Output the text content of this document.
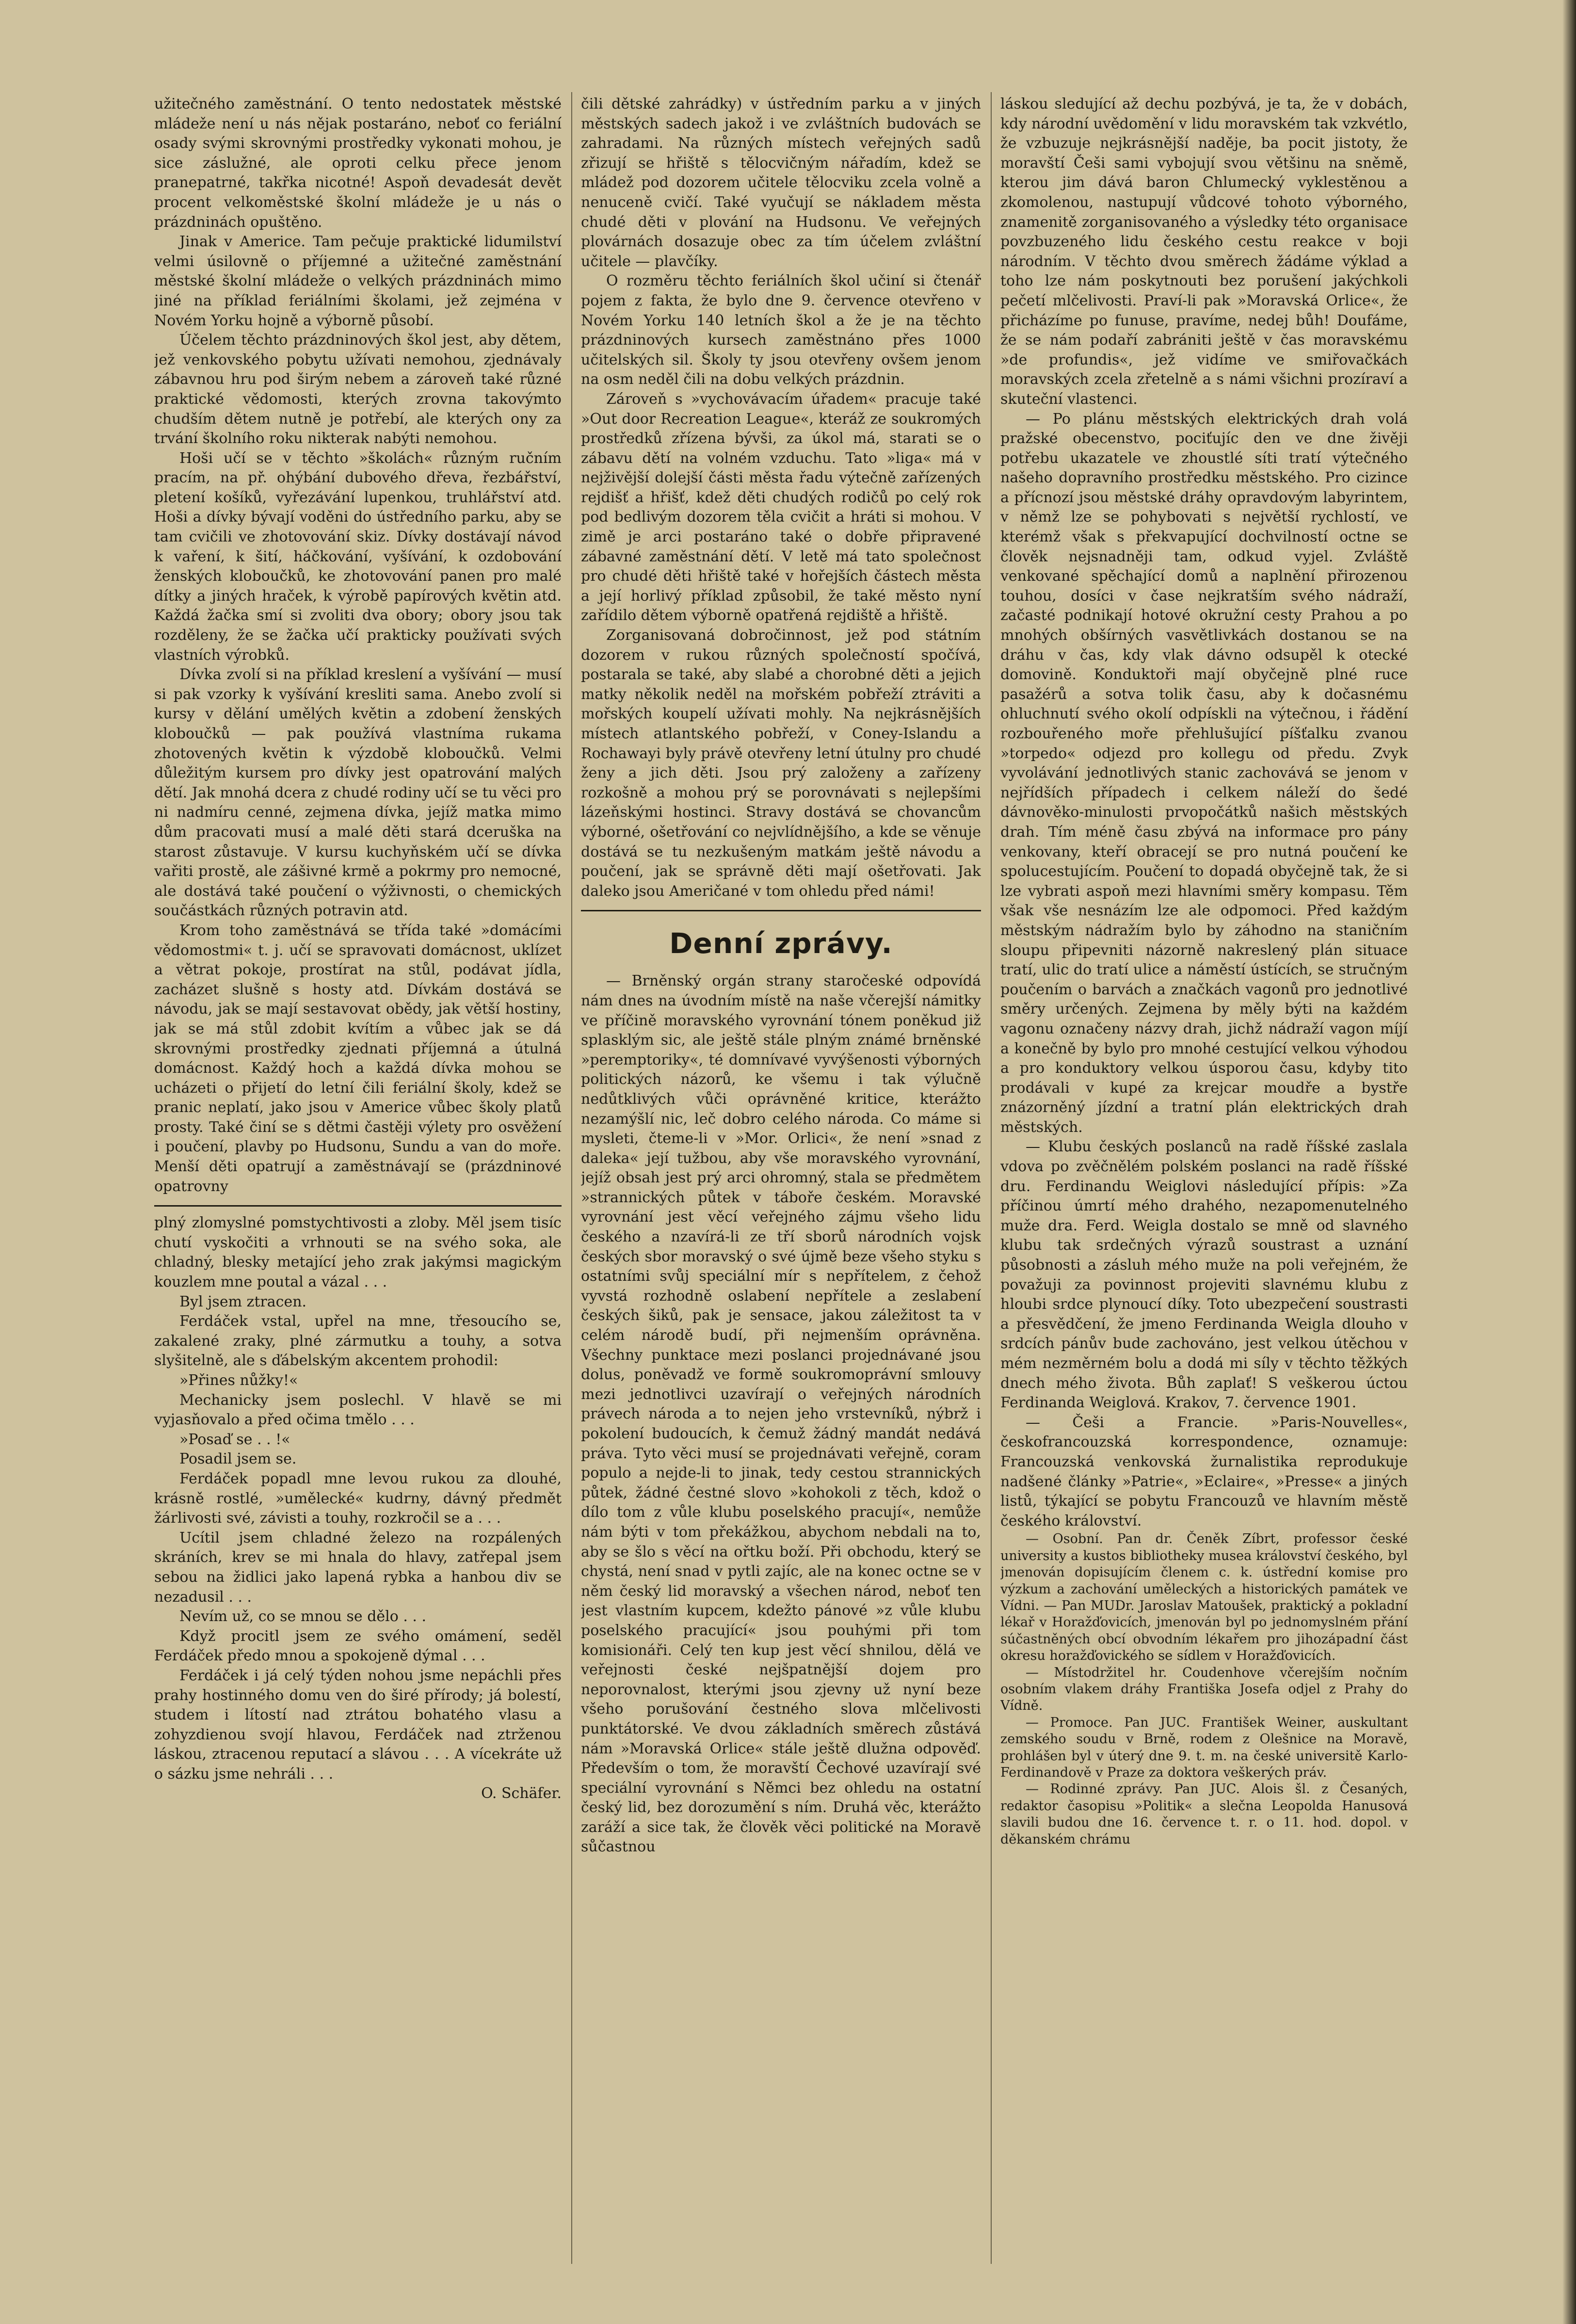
užitečného zaměstnání. O tento nedostatek městské mládeže není u nás nějak postaráno, neboť co feriální osady svými skrovnými prostředky vykonati mohou, je sice záslužné, ale oproti celku přece jenom pranepatrné, takřka nicotné! Aspoň devadesát devět procent velkoměstské školní mládeže je u nás o prázdninách opuštěno.

Jinak v Americe. Tam pečuje praktické lidumilství velmi úsilovně o příjemné a užitečné zaměstnání městské školní mládeže o velkých prázdninách mimo jiné na příklad feriálními školami, jež zejména v Novém Yorku hojně a výborně působí.

Účelem těchto prázdninových škol jest, aby dětem, jež venkovského pobytu užívati nemohou, zjednávaly zábavnou hru pod širým nebem a zároveň také různé praktické vědomosti, kterých zrovna takovýmto chudším dětem nutně je potřebí, ale kterých ony za trvání školního roku nikterak nabýti nemohou.

Hoši učí se v těchto »školách« různým ručním pracím, na př. ohýbání dubového dřeva, řezbářství, pletení košíků, vyřezávání lupenkou, truhlářství atd. Hoši a dívky bývají voděni do ústředního parku, aby se tam cvičili ve zhotovování skiz. Dívky dostávají návod k vaření, k šití, háčkování, vyšívání, k ozdobování ženských kloboučků, ke zhotovování panen pro malé dítky a jiných hraček, k výrobě papírových květin atd. Každá žačka smí si zvoliti dva obory; obory jsou tak rozděleny, že se žačka učí prakticky používati svých vlastních výrobků.

Dívka zvolí si na příklad kreslení a vyšívání — musí si pak vzorky k vyšívání kresliti sama. Anebo zvolí si kursy v dělání umělých květin a zdobení ženských kloboučků — pak používá vlastníma rukama zhotovených květin k výzdobě kloboučků. Velmi důležitým kursem pro dívky jest opatrování malých dětí. Jak mnohá dcera z chudé rodiny učí se tu věci pro ni nadmíru cenné, zejmena dívka, jejíž matka mimo dům pracovati musí a malé děti stará dceruška na starost zůstavuje. V kursu kuchyňském učí se dívka vařiti prostě, ale zášivné krmě a pokrmy pro nemocné, ale dostává také poučení o výživnosti, o chemických součástkách různých potravin atd.

Krom toho zaměstnává se třída také »domácími vědomostmi« t. j. učí se spravovati domácnost, uklízet a větrat pokoje, prostírat na stůl, podávat jídla, zacházet slušně s hosty atd. Dívkám dostává se návodu, jak se mají sestavovat obědy, jak větší hostiny, jak se má stůl zdobit kvítím a vůbec jak se dá skrovnými prostředky zjednati příjemná a útulná domácnost. Každý hoch a každá dívka mohou se ucházeti o přijetí do letní čili feriální školy, kdež se pranic neplatí, jako jsou v Americe vůbec školy platů prosty. Také činí se s dětmi častěji výlety pro osvěžení i poučení, plavby po Hudsonu, Sundu a van do moře. Menší děti opatrují a zaměstnávají se (prázdninové opatrovny

plný zlomyslné pomstychtivosti a zloby. Měl jsem tisíc chutí vyskočiti a vrhnouti se na svého soka, ale chladný, blesky metající jeho zrak jakýmsi magickým kouzlem mne poutal a vázal . . .

Byl jsem ztracen.

Ferdáček vstal, upřel na mne, třesoucího se, zakalené zraky, plné zármutku a touhy, a sotva slyšitelně, ale s ďábelským akcentem prohodil:

»Přines nůžky!«

Mechanicky jsem poslechl. V hlavě se mi vyjasňovalo a před očima tmělo . . .

»Posaď se . . !«

Posadil jsem se.

Ferdáček popadl mne levou rukou za dlouhé, krásně rostlé, »umělecké« kudrny, dávný předmět žárlivosti své, závisti a touhy, rozkročil se a . . .

Ucítil jsem chladné železo na rozpálených skráních, krev se mi hnala do hlavy, zatřepal jsem sebou na židlici jako lapená rybka a hanbou div se nezadusil . . .

Nevím už, co se mnou se dělo . . .

Když procitl jsem ze svého omámení, seděl Ferdáček předo mnou a spokojeně dýmal . . .

Ferdáček i já celý týden nohou jsme nepáchli přes prahy hostinného domu ven do širé přírody; já bolestí, studem i lítostí nad ztrátou bohatého vlasu a zohyzdienou svojí hlavou, Ferdáček nad ztrženou láskou, ztracenou reputací a slávou . . . A vícekráte už o sázku jsme nehráli . . .

O. Schäfer.

čili dětské zahrádky) v ústředním parku a v jiných městských sadech jakož i ve zvláštních budovách se zahradami. Na různých místech veřejných sadů zřizují se hřiště s tělocvičným nářadím, kdež se mládež pod dozorem učitele tělocviku zcela volně a nenuceně cvičí. Také vyučují se nákladem města chudé děti v plování na Hudsonu. Ve veřejných plovárnách dosazuje obec za tím účelem zvláštní učitele — plavčíky.

O rozměru těchto feriálních škol učiní si čtenář pojem z fakta, že bylo dne 9. července otevřeno v Novém Yorku 140 letních škol a že je na těchto prázdninových kursech zaměstnáno přes 1000 učitelských sil. Školy ty jsou otevřeny ovšem jenom na osm neděl čili na dobu velkých prázdnin.

Zároveň s »vychovávacím úřadem« pracuje také »Out door Recreation League«, kteráž ze soukromých prostředků zřízena bývši, za úkol má, starati se o zábavu dětí na volném vzduchu. Tato »liga« má v nejživější dolejší části města řadu výtečně zařízených rejdišť a hřišť, kdež děti chudých rodičů po celý rok pod bedlivým dozorem těla cvičit a hráti si mohou. V zimě je arci postaráno také o dobře připravené zábavné zaměstnání dětí. V letě má tato společnost pro chudé děti hřiště také v hořejších částech města a její horlivý příklad způsobil, že také město nyní zařídilo dětem výborně opatřená rejdiště a hřiště.

Zorganisovaná dobročinnost, jež pod státním dozorem v rukou různých společností spočívá, postarala se také, aby slabé a chorobné děti a jejich matky několik neděl na mořském pobřeží ztráviti a mořských koupelí užívati mohly. Na nejkrásnějších místech atlantského pobřeží, v Coney-Islandu a Rochawayi byly právě otevřeny letní útulny pro chudé ženy a jich děti. Jsou prý založeny a zařízeny rozkošně a mohou prý se porovnávati s nejlepšími lázeňskými hostinci. Stravy dostává se chovancům výborné, ošetřování co nejvlídnějšího, a kde se věnuje dostává se tu nezkušeným matkám ještě návodu a poučení, jak se správně děti mají ošetřovati. Jak daleko jsou Američané v tom ohledu před námi!

Denní zprávy.

— Brněnský orgán strany staročeské odpovídá nám dnes na úvodním místě na naše včerejší námitky ve příčině moravského vyrovnání tónem poněkud již splasklým sic, ale ještě stále plným známé brněnské »peremptoriky«, té domnívavé vyvýšenosti výborných politických názorů, ke všemu i tak výlučně nedůtklivých vůči oprávněné kritice, kterážto nezamýšlí nic, leč dobro celého národa. Co máme si mysleti, čteme-li v »Mor. Orlici«, že není »snad z daleka« její tužbou, aby vše moravského vyrovnání, jejíž obsah jest prý arci ohromný, stala se předmětem »strannických půtek v táboře českém. Moravské vyrovnání jest věcí veřejného zájmu všeho lidu českého a nzavírá-li ze tří sborů národních vojsk českých sbor moravský o své újmě beze všeho styku s ostatními svůj speciální mír s nepřítelem, z čehož vyvstá rozhodně oslabení nepřítele a zeslabení českých šiků, pak je sensace, jakou záležitost ta v celém národě budí, při nejmenším oprávněna. Všechny punktace mezi poslanci projednávané jsou dolus, poněvadž ve formě soukromoprávní smlouvy mezi jednotlivci uzavírají o veřejných národních právech národa a to nejen jeho vrstevníků, nýbrž i pokolení budoucích, k čemuž žádný mandát nedává práva. Tyto věci musí se projednávati veřejně, coram populo a nejde-li to jinak, tedy cestou strannických půtek, žádné čestné slovo »kohokoli z těch, kdož o dílo tom z vůle klubu poselského pracují«, nemůže nám býti v tom překážkou, abychom nebdali na to, aby se šlo s věcí na ořtku boží. Při obchodu, který se chystá, není snad v pytli zajíc, ale na konec octne se v něm český lid moravský a všechen národ, neboť ten jest vlastním kupcem, kdežto pánové »z vůle klubu poselského pracující« jsou pouhými při tom komisionáři. Celý ten kup jest věcí shnilou, dělá ve veřejnosti české nejšpatnější dojem pro neporovnalost, kterými jsou zjevny už nyní beze všeho porušování čestného slova mlčelivosti punktátorské. Ve dvou základních směrech zůstává nám »Moravská Orlice« stále ještě dlužna odpověď. Především o tom, že moravští Čechové uzavírají své speciální vyrovnání s Němci bez ohledu na ostatní český lid, bez dorozumění s ním. Druhá věc, kterážto zaráží a sice tak, že člověk věci politické na Moravě sůčastnou

láskou sledující až dechu pozbývá, je ta, že v dobách, kdy národní uvědomění v lidu moravském tak vzkvétlo, že vzbuzuje nejkrásnější naděje, ba pocit jistoty, že moravští Češi sami vybojují svou většinu na sněmě, kterou jim dává baron Chlumecký vyklestěnou a zkomolenou, nastupují vůdcové tohoto výborného, znamenitě zorganisovaného a výsledky této organisace povzbuzeného lidu českého cestu reakce v boji národním. V těchto dvou směrech žádáme výklad a toho lze nám poskytnouti bez porušení jakýchkoli pečetí mlčelivosti. Praví-li pak »Moravská Orlice«, že přicházíme po funuse, pravíme, nedej bůh! Doufáme, že se nám podaří zabrániti ještě v čas moravskému »de profundis«, jež vidíme ve smiřovačkách moravských zcela zřetelně a s námi všichni prozíraví a skuteční vlastenci.

— Po plánu městských elektrických drah volá pražské obecenstvo, pociťujíc den ve dne živěji potřebu ukazatele ve zhoustlé síti tratí výtečného našeho dopravního prostředku městského. Pro cizince a přícnozí jsou městské dráhy opravdovým labyrintem, v němž lze se pohybovati s největší rychlostí, ve kterémž však s překvapující dochvilností octne se člověk nejsnadněji tam, odkud vyjel. Zvláště venkované spěchající domů a naplnění přirozenou touhou, dosíci v čase nejkratším svého nádraží, začasté podnikají hotové okružní cesty Prahou a po mnohých obšírných vasvětlivkách dostanou se na dráhu v čas, kdy vlak dávno odsupěl k otecké domovině. Konduktoři mají obyčejně plné ruce pasažérů a sotva tolik času, aby k dočasnému ohluchnutí svého okolí odpískli na výtečnou, i řádění rozbouřeného moře přehlušující píšťalku zvanou »torpedo« odjezd pro kollegu od předu. Zvyk vyvolávání jednotlivých stanic zachovává se jenom v nejřídších případech i celkem náleží do šedé dávnověko-minulosti prvopočátků našich městských drah. Tím méně času zbývá na informace pro pány venkovany, kteří obracejí se pro nutná poučení ke spolucestujícím. Poučení to dopadá obyčejně tak, že si lze vybrati aspoň mezi hlavními směry kompasu. Těm však vše nesnázím lze ale odpomoci. Před každým městským nádražím bylo by záhodno na staničním sloupu připevniti názorně nakreslený plán situace tratí, ulic do tratí ulice a náměstí ústících, se stručným poučením o barvách a značkách vagonů pro jednotlivé směry určených. Zejmena by měly býti na každém vagonu označeny názvy drah, jichž nádraží vagon míjí a konečně by bylo pro mnohé cestující velkou výhodou a pro konduktory velkou úsporou času, kdyby tito prodávali v kupé za krejcar moudře a bystře znázorněný jízdní a tratní plán elektrických drah městských.

— Klubu českých poslanců na radě říšské zaslala vdova po zvěčnělém polském poslanci na radě říšské dru. Ferdinandu Weiglovi následující přípis: »Za příčinou úmrtí mého drahého, nezapomenutelného muže dra. Ferd. Weigla dostalo se mně od slavného klubu tak srdečných výrazů soustrast a uznání působnosti a zásluh mého muže na poli veřejném, že považuji za povinnost projeviti slavnému klubu z hloubi srdce plynoucí díky. Toto ubezpečení soustrasti a přesvědčení, že jmeno Ferdinanda Weigla dlouho v srdcích pánův bude zachováno, jest velkou útěchou v mém nezměrném bolu a dodá mi síly v těchto těžkých dnech mého života. Bůh zaplať! S veškerou úctou Ferdinanda Weiglová. Krakov, 7. července 1901.

— Češi a Francie. »Paris-Nouvelles«, českofrancouzská korrespondence, oznamuje: Francouzská venkovská žurnalistika reprodukuje nadšené články »Patrie«, »Eclaire«, »Presse« a jiných listů, týkající se pobytu Francouzů ve hlavním městě českého království.

— Osobní. Pan dr. Čeněk Zíbrt, professor české university a kustos bibliotheky musea království českého, byl jmenován dopisujícím členem c. k. ústřední komise pro výzkum a zachování uměleckých a historických památek ve Vídni. — Pan MUDr. Jaroslav Matoušek, praktický a pokladní lékař v Horažďovicích, jmenován byl po jednomyslném přání súčastněných obcí obvodním lékařem pro jihozápadní část okresu horažďovického se sídlem v Horažďovicích.

— Místodržitel hr. Coudenhove včerejším nočním osobním vlakem dráhy Františka Josefa odjel z Prahy do Vídně.

— Promoce. Pan JUC. František Weiner, auskultant zemského soudu v Brně, rodem z Olešnice na Moravě, prohlášen byl v úterý dne 9. t. m. na české universitě Karlo-Ferdinandově v Praze za doktora veškerých práv.

— Rodinné zprávy. Pan JUC. Alois šl. z Česaných, redaktor časopisu »Politik« a slečna Leopolda Hanusová slavili budou dne 16. července t. r. o 11. hod. dopol. v děkanském chrámu
